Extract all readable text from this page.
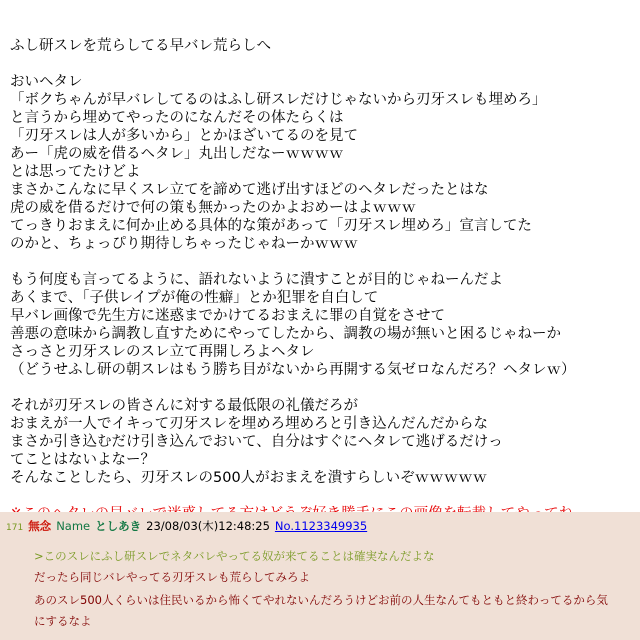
ふし研スレを荒らしてる早バレ荒らしへ
おいヘタレ
「ボクちゃんが早バレしてるのはふし研スレだけじゃないから刃牙スレも埋めろ」
と言うから埋めてやったのになんだその体たらくは
「刃牙スレは人が多いから」とかほざいてるのを見て
あー「虎の威を借るヘタレ」丸出しだなーｗｗｗｗ
とは思ってたけどよ
まさかこんなに早くスレ立てを諦めて逃げ出すほどのヘタレだったとはな
虎の威を借るだけで何の策も無かったのかよおめーはよｗｗｗ
てっきりおまえに何か止める具体的な策があって「刃牙スレ埋めろ」宣言してた
のかと、ちょっぴり期待しちゃったじゃねーかｗｗｗ
もう何度も言ってるように、語れないように潰すことが目的じゃねーんだよ
あくまで、「子供レイプが俺の性癖」とか犯罪を自白して
早バレ画像で先生方に迷惑までかけてるおまえに罪の自覚をさせて
善悪の意味から調教し直すためにやってしたから、調教の場が無いと困るじゃねーか
さっさと刃牙スレのスレ立て再開しろよヘタレ
（どうせふし研の朝スレはもう勝ち目がないから再開する気ゼロなんだろ？ヘタレｗ）
それが刃牙スレの皆さんに対する最低限の礼儀だろが
おまえが一人でイキって刃牙スレを埋めろ埋めろと引き込んだんだからな
まさか引き込むだけ引き込んでおいて、自分はすぐにヘタレて逃げるだけっ
てことはないよなー？
そんなことしたら、刃牙スレの500人がおまえを潰すらしいぞｗｗｗｗｗ
171 無念 Name としあき 23/08/03(木)12:48:25 No.1123349935
>このスレにふし研スレでネタバレやってる奴が来てることは確実なんだよな
だったら同じバレやってる刃牙スレも荒らしてみろよ
あのスレ500人くらいは住民いるから怖くてやれないんだろうけどお前の人生なんてもともと終わってるから気
にするなよ
